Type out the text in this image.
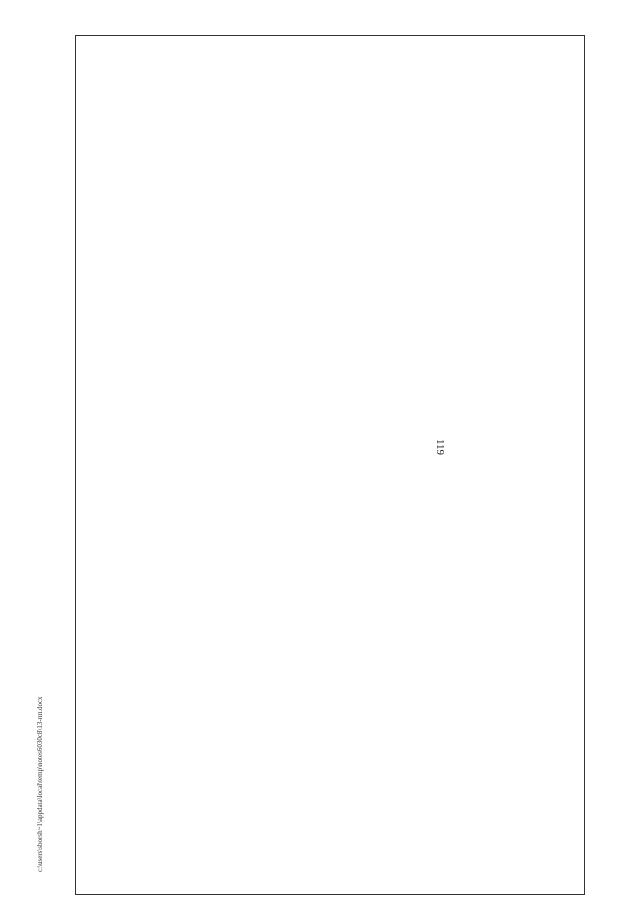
119
c:\users\sborsh~1\appdata\local\temp\notes6030c8\13-пп.docx
